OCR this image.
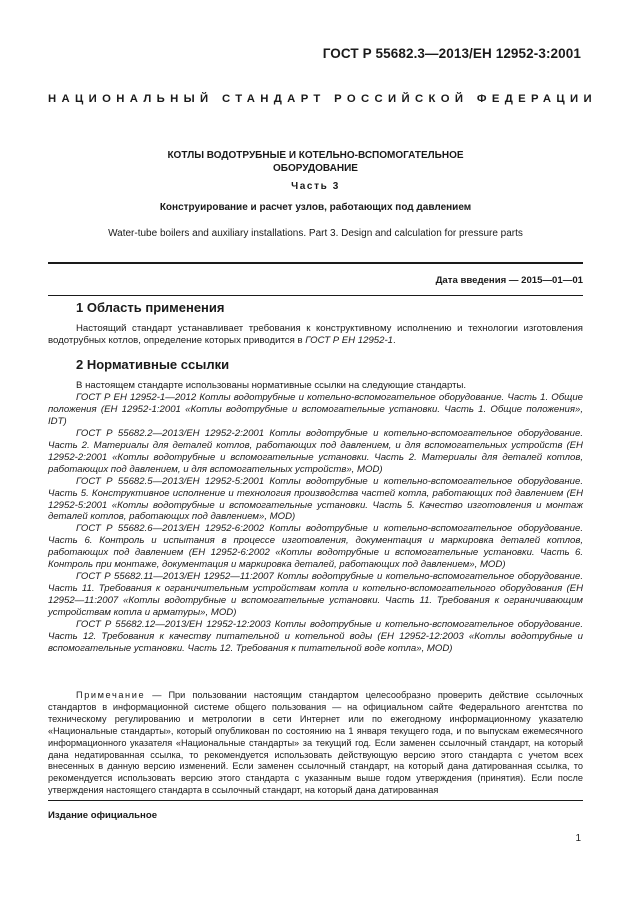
ГОСТ Р 55682.3—2013/ЕН 12952-3:2001
НАЦИОНАЛЬНЫЙ СТАНДАРТ РОССИЙСКОЙ ФЕДЕРАЦИИ
КОТЛЫ ВОДОТРУБНЫЕ И КОТЕЛЬНО-ВСПОМОГАТЕЛЬНОЕ
ОБОРУДОВАНИЕ
Часть 3
Конструирование и расчет узлов, работающих под давлением
Water-tube boilers and auxiliary installations. Part 3. Design and calculation for pressure parts
Дата введения — 2015—01—01
1 Область применения

Настоящий стандарт устанавливает требования к конструктивному исполнению и технологии изготовления водотрубных котлов, определение которых приводится в ГОСТ Р ЕН 12952-1.

2 Нормативные ссылки

В настоящем стандарте использованы нормативные ссылки на следующие стандарты.

ГОСТ Р ЕН 12952-1—2012 Котлы водотрубные и котельно-вспомогательное оборудование. Часть 1. Общие положения (ЕН 12952-1:2001 «Котлы водотрубные и вспомогательные установки. Часть 1. Общие положения», IDT)

ГОСТ Р 55682.2—2013/ЕН 12952-2:2001 Котлы водотрубные и котельно-вспомогательное оборудование. Часть 2. Материалы для деталей котлов, работающих под давлением, и для вспомогательных устройств (ЕН 12952-2:2001 «Котлы водотрубные и вспомогательные установки. Часть 2. Материалы для деталей котлов, работающих под давлением, и для вспомогательных устройств», MOD)

ГОСТ Р 55682.5—2013/ЕН 12952-5:2001 Котлы водотрубные и котельно-вспомогательное оборудование. Часть 5. Конструктивное исполнение и технология производства частей котла, работающих под давлением (ЕН 12952-5:2001 «Котлы водотрубные и вспомогательные установки. Часть 5. Качество изготовления и монтаж деталей котлов, работающих под давлением», MOD)

ГОСТ Р 55682.6—2013/ЕН 12952-6:2002 Котлы водотрубные и котельно-вспомогательное оборудование. Часть 6. Контроль и испытания в процессе изготовления, документация и маркировка деталей котлов, работающих под давлением (ЕН 12952-6:2002 «Котлы водотрубные и вспомогательные установки. Часть 6. Контроль при монтаже, документация и маркировка деталей, работающих под давлением», MOD)

ГОСТ Р 55682.11—2013/ЕН 12952—11:2007 Котлы водотрубные и котельно-вспомогательное оборудование. Часть 11. Требования к ограничительным устройствам котла и котельно-вспомогательного оборудования (ЕН 12952—11:2007 «Котлы водотрубные и вспомогательные установки. Часть 11. Требования к ограничивающим устройствам котла и арматуры», MOD)

ГОСТ Р 55682.12—2013/ЕН 12952-12:2003 Котлы водотрубные и котельно-вспомогательное оборудование. Часть 12. Требования к качеству питательной и котельной воды (ЕН 12952-12:2003 «Котлы водотрубные и вспомогательные установки. Часть 12. Требования к питательной воде котла», MOD)

Примечание — При пользовании настоящим стандартом целесообразно проверить действие ссылочных стандартов в информационной системе общего пользования — на официальном сайте Федерального агентства по техническому регулированию и метрологии в сети Интернет или по ежегодному информационному указателю «Национальные стандарты», который опубликован по состоянию на 1 января текущего года, и по выпускам ежемесячного информационного указателя «Национальные стандарты» за текущий год. Если заменен ссылочный стандарт, на который дана недатированная ссылка, то рекомендуется использовать действующую версию этого стандарта с учетом всех внесенных в данную версию изменений. Если заменен ссылочный стандарт, на который дана датированная ссылка, то рекомендуется использовать версию этого стандарта с указанным выше годом утверждения (принятия). Если после утверждения настоящего стандарта в ссылочный стандарт, на который дана датированная

Издание официальное
1
